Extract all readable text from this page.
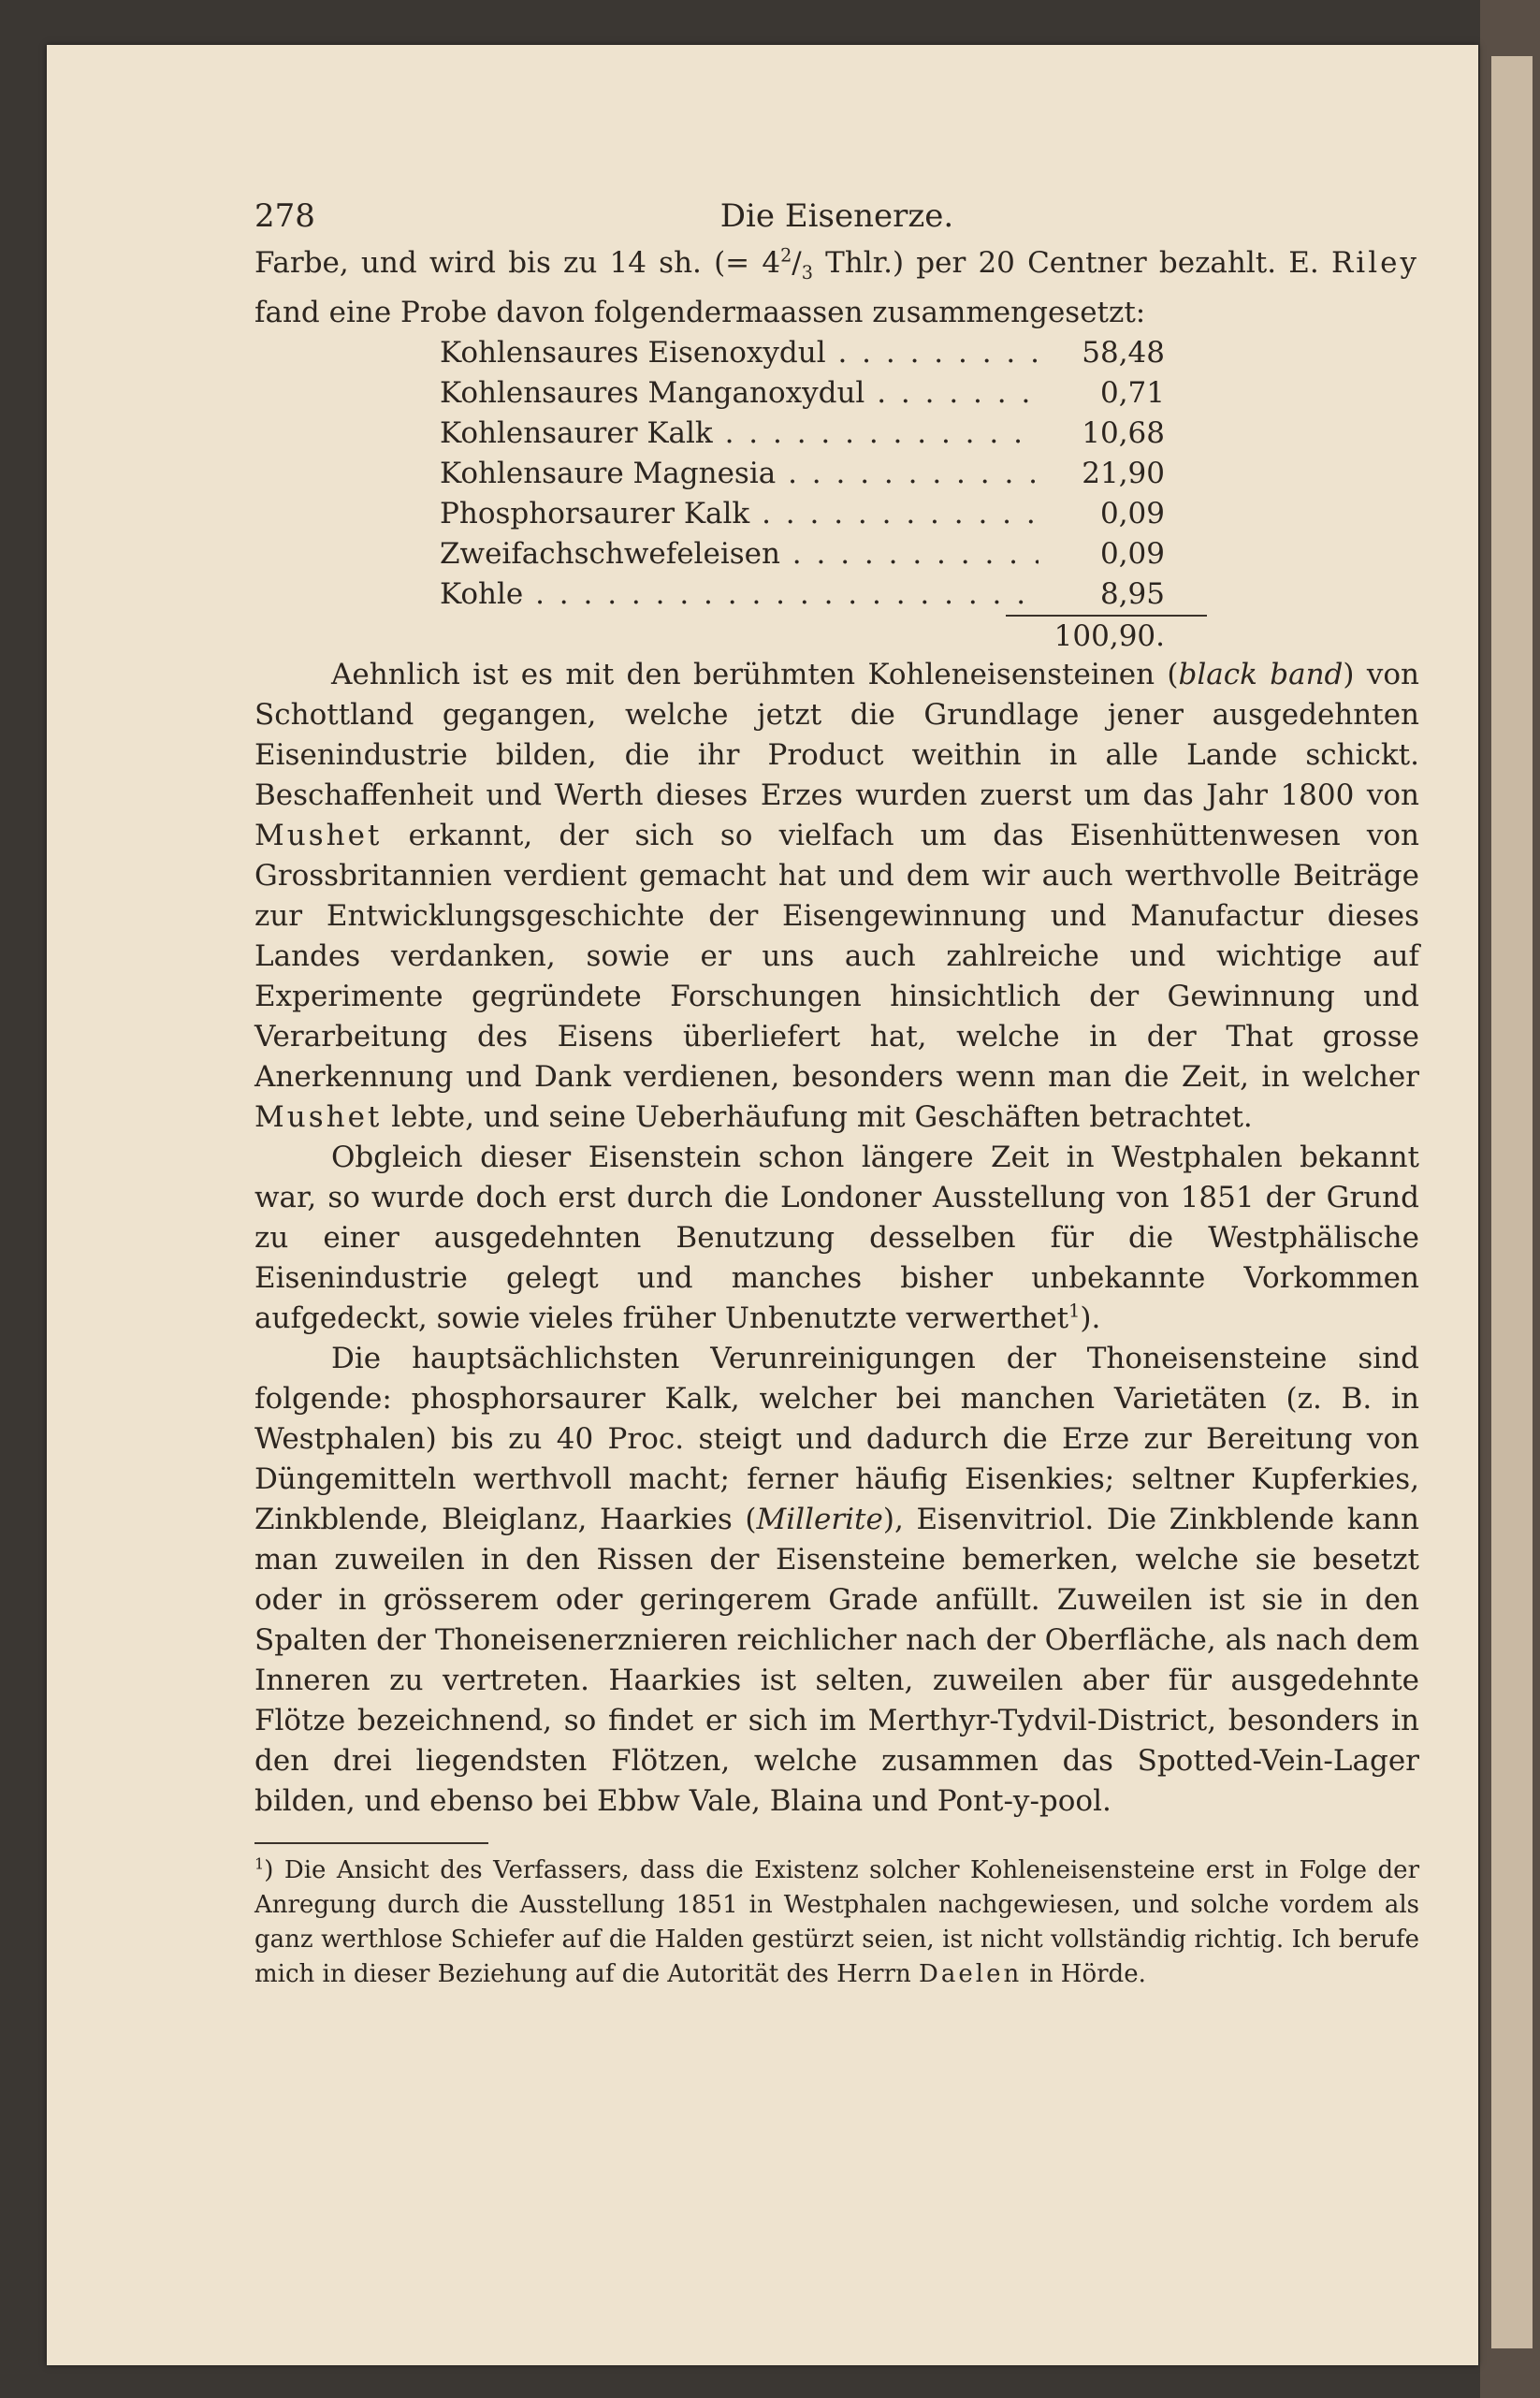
278	Die Eisenerze.

Farbe, und wird bis zu 14 sh. (= $4^2/_3$ Thlr.) per 20 Centner bezahlt. E. Riley fand eine Probe davon folgendermaassen zusammengesetzt:

Kohlensaures Eisenoxydul . . .	58,48
Kohlensaures Manganoxydul . . .	0,71
Kohlensaurer Kalk . . .	10,68
Kohlensaure Magnesia . . .	21,90
Phosphorsaurer Kalk . . .	0,09
Zweifachschwefeleisen . . .	0,09
Kohle . . .	8,95
100,90.

Aehnlich ist es mit den berühmten Kohleneisensteinen (black band) von Schottland gegangen, welche jetzt die Grundlage jener ausgedehnten Eisenindustrie bilden, die ihr Product weithin in alle Lande schickt. Beschaffenheit und Werth dieses Erzes wurden zuerst um das Jahr 1800 von Mushet erkannt, der sich so vielfach um das Eisenhüttenwesen von Grossbritannien verdient gemacht hat und dem wir auch werthvolle Beiträge zur Entwicklungsgeschichte der Eisengewinnung und Manufactur dieses Landes verdanken, sowie er uns auch zahlreiche und wichtige auf Experimente gegründete Forschungen hinsichtlich der Gewinnung und Verarbeitung des Eisens überliefert hat, welche in der That grosse Anerkennung und Dank verdienen, besonders wenn man die Zeit, in welcher Mushet lebte, und seine Ueberhäufung mit Geschäften betrachtet.

Obgleich dieser Eisenstein schon längere Zeit in Westphalen bekannt war, so wurde doch erst durch die Londoner Ausstellung von 1851 der Grund zu einer ausgedehnten Benutzung desselben für die Westphälische Eisenindustrie gelegt und manches bisher unbekannte Vorkommen aufgedeckt, sowie vieles früher Unbenutzte verwerthet$^1$).

Die hauptsächlichsten Verunreinigungen der Thoneisensteine sind folgende: phosphorsaurer Kalk, welcher bei manchen Varietäten (z. B. in Westphalen) bis zu 40 Proc. steigt und dadurch die Erze zur Bereitung von Düngemitteln werthvoll macht; ferner häufig Eisenkies; seltner Kupferkies, Zinkblende, Bleiglanz, Haarkies (Millerite), Eisenvitriol. Die Zinkblende kann man zuweilen in den Rissen der Eisensteine bemerken, welche sie besetzt oder in grösserem oder geringerem Grade anfüllt. Zuweilen ist sie in den Spalten der Thoneisenerznieren reichlicher nach der Oberfläche, als nach dem Inneren zu vertreten. Haarkies ist selten, zuweilen aber für ausgedehnte Flötze bezeichnend, so findet er sich im Merthyr-Tydvil-District, besonders in den drei liegendsten Flötzen, welche zusammen das Spotted-Vein-Lager bilden, und ebenso bei Ebbw Vale, Blaina und Pont-y-pool.

$^1$) Die Ansicht des Verfassers, dass die Existenz solcher Kohleneisensteine erst in Folge der Anregung durch die Ausstellung 1851 in Westphalen nachgewiesen, und solche vordem als ganz werthlose Schiefer auf die Halden gestürzt seien, ist nicht vollständig richtig. Ich berufe mich in dieser Beziehung auf die Autorität des Herrn Daelen in Hörde.
